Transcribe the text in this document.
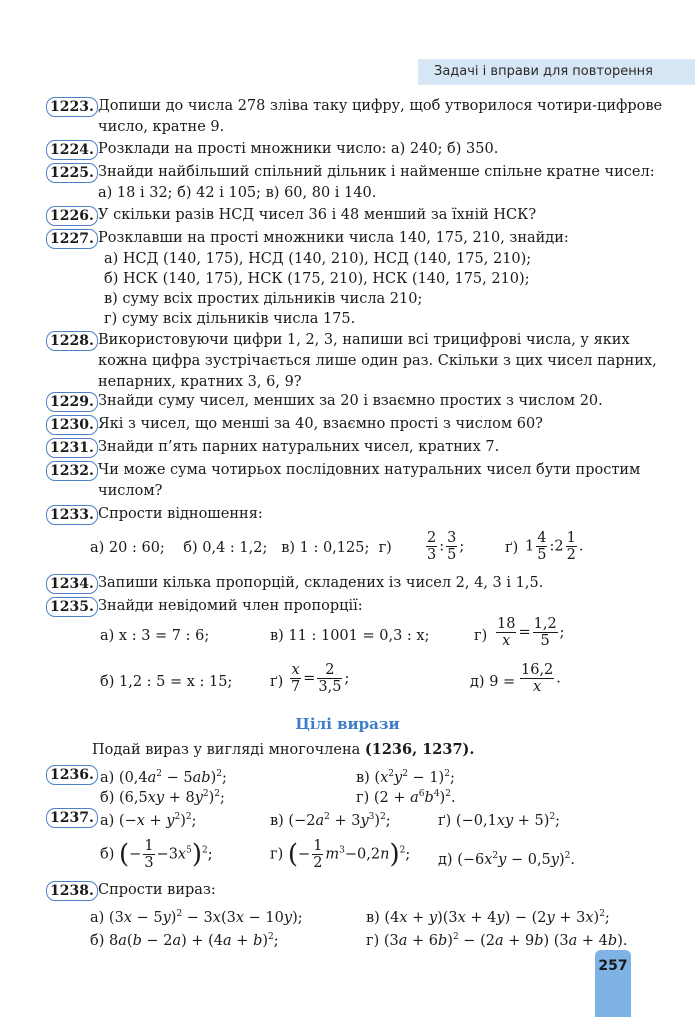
Задачі і вправи для повторення
1223. Допиши до числа 278 зліва таку цифру, щоб утворилося чотири-цифрове число, кратне 9.
1224. Розклади на прості множники число: а) 240; б) 350.
1225. Знайди найбільший спільний дільник і найменше спільне кратне чисел: а) 18 і 32; б) 42 і 105; в) 60, 80 і 140.
1226. У скільки разів НСД чисел 36 і 48 менший за їхній НСК?
1227. Розклавши на прості множники числа 140, 175, 210, знайди:
а) НСД (140, 175), НСД (140, 210), НСД (140, 175, 210);
б) НСК (140, 175), НСК (175, 210), НСК (140, 175, 210);
в) суму всіх простих дільників числа 210;
г) суму всіх дільників числа 175.
1228. Використовуючи цифри 1, 2, 3, напиши всі трицифрові числа, у яких кожна цифра зустрічається лише один раз. Скільки з цих чисел парних, непарних, кратних 3, 6, 9?
1229. Знайди суму чисел, менших за 20 і взаємно простих з числом 20.
1230. Які з чисел, що менші за 40, взаємно прості з числом 60?
1231. Знайди п’ять парних натуральних чисел, кратних 7.
1232. Чи може сума чотирьох послідовних натуральних чисел бути простим числом?
1233. Спрости відношення:
а) 20 : 60; б) 0,4 : 1,2; в) 1 : 0,125; $г) \frac{2}{3}$ : $\frac{3}{5}$ ;	ґ) $1 \frac{4}{5}$ :2 $\frac{1}{2}$ .
1234. Запиши кілька пропорцій, складених із чисел 2, 4, 3 і 1,5.
1235. Знайди невідомий член пропорції:
а) x : 3 = 7 : 6;	в) 11 : 1001 = 0,3 : x;	$г) \frac{18}{x} = \frac{1,2}{5}$ ;
б) 1,2 : 5 = x : 15;	$ґ) \frac{x}{7} = \frac{2}{3,5}$ ;	д) $9 = \frac{16,2}{x}$ .
Цілі вирази
Подай вираз у вигляді многочлена (1236, 1237).
1236. а) $(0,4a^2 - 5ab)^2$;	в) $(x^2y^2 - 1)^2$;
б) $(6,5xy + 8y^2)^2$;	г) $(2 + a^6b^4)^2$.
1237. а) $(-x + y^2)^2$;	в) $(-2a^2 + 3y^3)^2$;	ґ) $(-0,1xy + 5)^2$;
б) (− $\frac{1}{3} -3x^5)^2$;	г) (− $\frac{1}{2} m^3-0,2n)^2$; д) $(-6x^2y - 0,5y)^2$.
1238. Спрости вираз:
а) $(3x - 5y)^2 - 3x(3x - 10y)$;	в) $(4x + y)(3x + 4y) - (2y + 3x)^2$;
б) $8a(b - 2a) + (4a + b)^2$;	г) $(3a + 6b)^2 - (2a + 9b)$ (3a + 4b).
257
